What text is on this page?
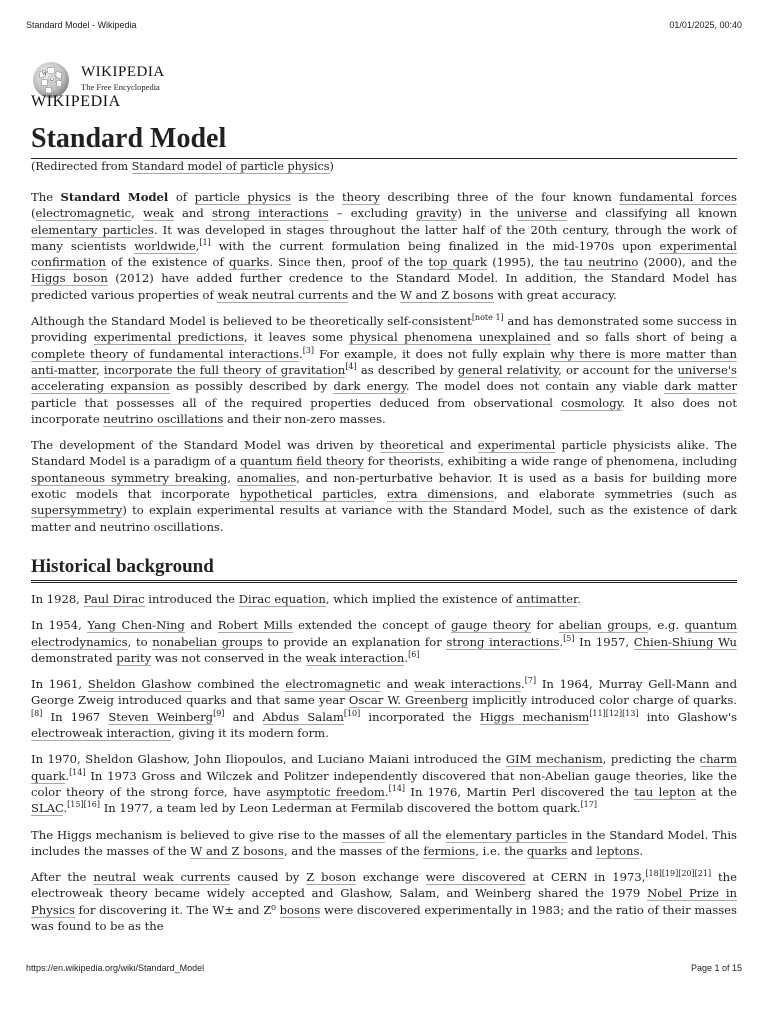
Standard Model - Wikipedia	01/01/2025, 00:40
Ω
W WIKIPEDIA
The Free Encyclopedia
WIKIPEDIA
Standard Model
(Redirected from Standard model of particle physics)

The Standard Model of particle physics is the theory describing three of the four known fundamental forces (electromagnetic, weak and strong interactions – excluding gravity) in the universe and classifying all known elementary particles. It was developed in stages throughout the latter half of the 20th century, through the work of many scientists worldwide,[1] with the current formulation being finalized in the mid-1970s upon experimental confirmation of the existence of quarks. Since then, proof of the top quark (1995), the tau neutrino (2000), and the Higgs boson (2012) have added further credence to the Standard Model. In addition, the Standard Model has predicted various properties of weak neutral currents and the W and Z bosons with great accuracy.

Although the Standard Model is believed to be theoretically self-consistent[note 1] and has demonstrated some success in providing experimental predictions, it leaves some physical phenomena unexplained and so falls short of being a complete theory of fundamental interactions.[3] For example, it does not fully explain why there is more matter than anti-matter, incorporate the full theory of gravitation[4] as described by general relativity, or account for the universe's accelerating expansion as possibly described by dark energy. The model does not contain any viable dark matter particle that possesses all of the required properties deduced from observational cosmology. It also does not incorporate neutrino oscillations and their non-zero masses.

The development of the Standard Model was driven by theoretical and experimental particle physicists alike. The Standard Model is a paradigm of a quantum field theory for theorists, exhibiting a wide range of phenomena, including spontaneous symmetry breaking, anomalies, and non-perturbative behavior. It is used as a basis for building more exotic models that incorporate hypothetical particles, extra dimensions, and elaborate symmetries (such as supersymmetry) to explain experimental results at variance with the Standard Model, such as the existence of dark matter and neutrino oscillations.

Historical background

In 1928, Paul Dirac introduced the Dirac equation, which implied the existence of antimatter.

In 1954, Yang Chen-Ning and Robert Mills extended the concept of gauge theory for abelian groups, e.g. quantum electrodynamics, to nonabelian groups to provide an explanation for strong interactions.[5] In 1957, Chien-Shiung Wu demonstrated parity was not conserved in the weak interaction.[6]

In 1961, Sheldon Glashow combined the electromagnetic and weak interactions.[7] In 1964, Murray Gell-Mann and George Zweig introduced quarks and that same year Oscar W. Greenberg implicitly introduced color charge of quarks.[8] In 1967 Steven Weinberg[9] and Abdus Salam[10] incorporated the Higgs mechanism[11][12][13] into Glashow's electroweak interaction, giving it its modern form.

In 1970, Sheldon Glashow, John Iliopoulos, and Luciano Maiani introduced the GIM mechanism, predicting the charm quark.[14] In 1973 Gross and Wilczek and Politzer independently discovered that non-Abelian gauge theories, like the color theory of the strong force, have asymptotic freedom.[14] In 1976, Martin Perl discovered the tau lepton at the SLAC.[15][16] In 1977, a team led by Leon Lederman at Fermilab discovered the bottom quark.[17]

The Higgs mechanism is believed to give rise to the masses of all the elementary particles in the Standard Model. This includes the masses of the W and Z bosons, and the masses of the fermions, i.e. the quarks and leptons.

After the neutral weak currents caused by Z boson exchange were discovered at CERN in 1973,[18][19][20][21] the electroweak theory became widely accepted and Glashow, Salam, and Weinberg shared the 1979 Nobel Prize in Physics for discovering it. The W± and Z⁰ bosons were discovered experimentally in 1983; and the ratio of their masses was found to be as the

https://en.wikipedia.org/wiki/Standard_Model	Page 1 of 15
